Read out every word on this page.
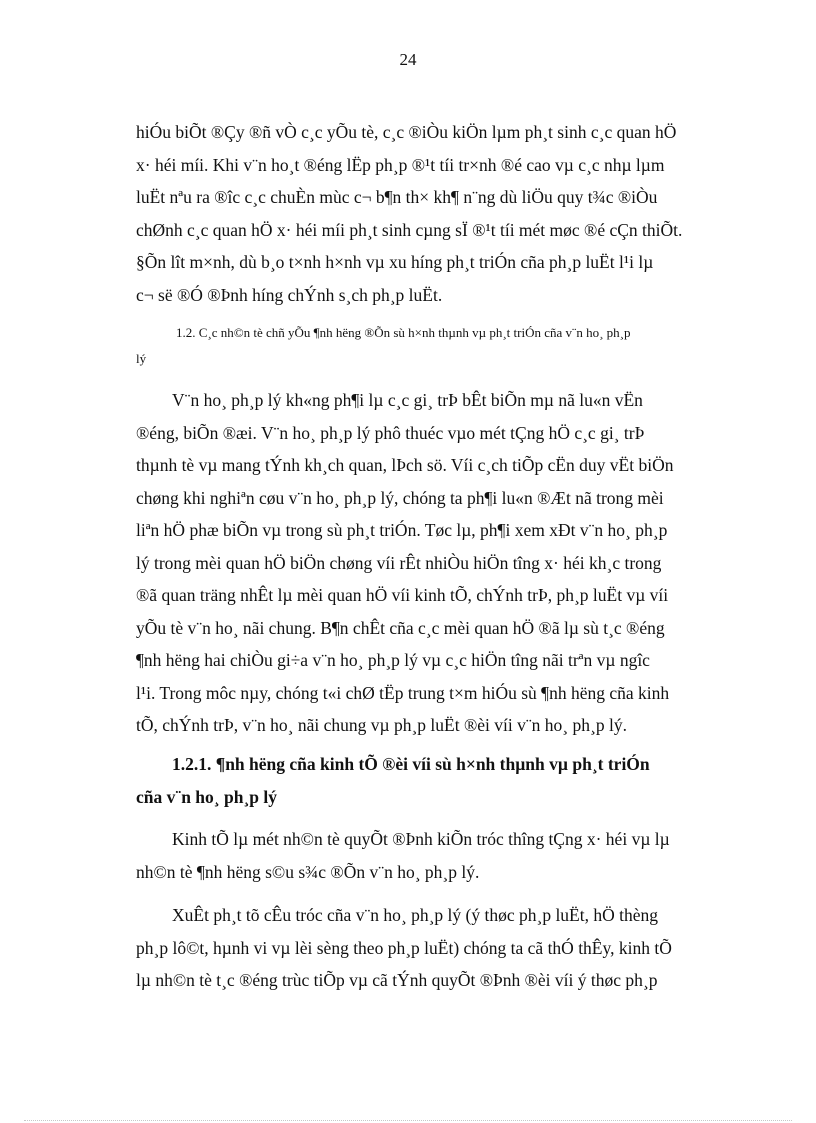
24
hiÓu biÕt ®Çy ®ñ vÒ c¸c yÕu tè, c¸c ®iÒu kiÖn lµm ph¸t sinh c¸c quan hÖ
x· héi míi. Khi v¨n ho¸t ®éng lËp ph¸p ®¹t tíi tr×nh ®é cao vµ c¸c nhµ lµm
luËt nªu ra ®îc c¸c chuÈn mùc c¬ b¶n th× kh¶ n¨ng dù liÖu quy t¾c ®iÒu
chØnh c¸c quan hÖ x· héi míi ph¸t sinh cµng sÏ ®¹t tíi mét møc ®é cÇn thiÕt.
§Õn lît m×nh, dù b¸o t×nh h×nh vµ xu híng ph¸t triÓn cña ph¸p luËt l¹i lµ
c¬ së ®Ó ®Þnh híng chÝnh s¸ch ph¸p luËt.
1.2. C¸c nh©n tè chñ yÕu ¶nh hëng ®Õn sù h×nh thµnh vµ ph¸t triÓn cña v¨n ho¸ ph¸p
lý
V¨n ho¸ ph¸p lý kh«ng ph¶i lµ c¸c gi¸ trÞ bÊt biÕn mµ nã lu«n vËn
®éng, biÕn ®æi. V¨n ho¸ ph¸p lý phô thuéc vµo mét tÇng hÖ c¸c gi¸ trÞ
thµnh tè vµ mang tÝnh kh¸ch quan, lÞch sö. Víi c¸ch tiÕp cËn duy vËt biÖn
chøng khi nghiªn cøu v¨n ho¸ ph¸p lý, chóng ta ph¶i lu«n ®Æt nã trong mèi
liªn hÖ phæ biÕn vµ trong sù ph¸t triÓn. Tøc lµ, ph¶i xem xÐt v¨n ho¸ ph¸p
lý trong mèi quan hÖ biÖn chøng víi rÊt nhiÒu hiÖn tîng x· héi kh¸c trong
®ã quan träng nhÊt lµ mèi quan hÖ víi kinh tÕ, chÝnh trÞ, ph¸p luËt vµ víi
yÕu tè v¨n ho¸ nãi chung. B¶n chÊt cña c¸c mèi quan hÖ ®ã lµ sù t¸c ®éng
¶nh hëng hai chiÒu gi÷a v¨n ho¸ ph¸p lý vµ c¸c hiÖn tîng nãi trªn vµ ngîc
l¹i. Trong môc nµy, chóng t«i chØ tËp trung t×m hiÓu sù ¶nh hëng cña kinh
tÕ, chÝnh trÞ, v¨n ho¸ nãi chung vµ ph¸p luËt ®èi víi v¨n ho¸ ph¸p lý.
1.2.1. ¶nh hëng cña kinh tÕ ®èi víi sù h×nh thµnh vµ ph¸t triÓn
cña v¨n ho¸ ph¸p lý
Kinh tÕ lµ mét nh©n tè quyÕt ®Þnh kiÕn tróc thîng tÇng x· héi vµ lµ
nh©n tè ¶nh hëng s©u s¾c ®Õn v¨n ho¸ ph¸p lý.
XuÊt ph¸t tõ cÊu tróc cña v¨n ho¸ ph¸p lý (ý thøc ph¸p luËt, hÖ thèng
ph¸p lô©t, hµnh vi vµ lèi sèng theo ph¸p luËt) chóng ta cã thÓ thÊy, kinh tÕ
lµ nh©n tè t¸c ®éng trùc tiÕp vµ cã tÝnh quyÕt ®Þnh ®èi víi ý thøc ph¸p
